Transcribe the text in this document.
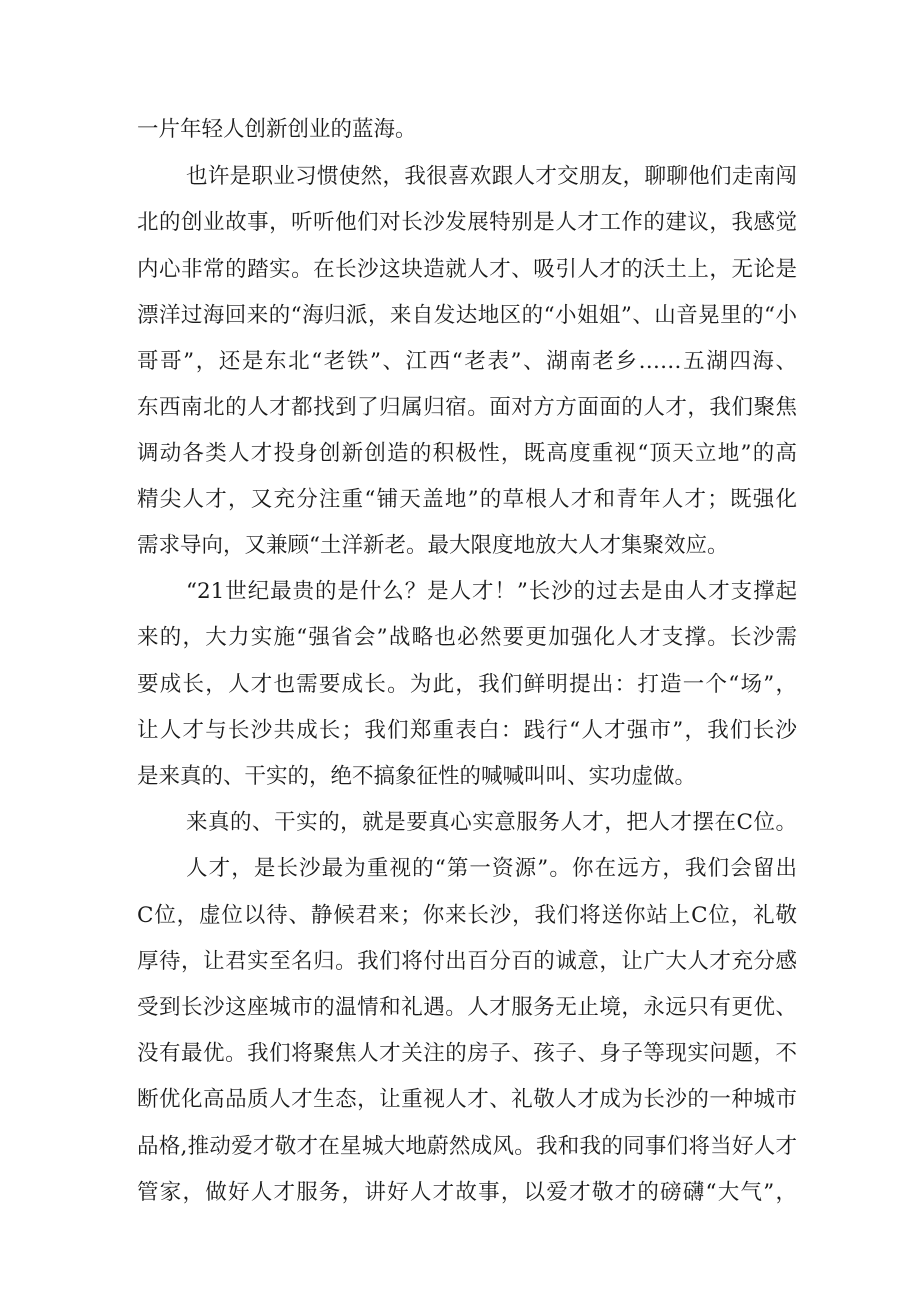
一片年轻人创新创业的蓝海。
也许是职业习惯使然，我很喜欢跟人才交朋友，聊聊他们走南闯
北的创业故事，听听他们对长沙发展特别是人才工作的建议，我感觉
内心非常的踏实。在长沙这块造就人才、吸引人才的沃土上，无论是
漂洋过海回来的“海归派，来自发达地区的“小姐姐”、山音晃里的“小
哥哥”，还是东北“老铁”、江西“老表”、湖南老乡……五湖四海、
东西南北的人才都找到了归属归宿。面对方方面面的人才，我们聚焦
调动各类人才投身创新创造的积极性，既高度重视“顶天立地”的高
精尖人才，又充分注重“铺天盖地”的草根人才和青年人才；既强化
需求导向，又兼顾“土洋新老。最大限度地放大人才集聚效应。
“21世纪最贵的是什么？是人才！”长沙的过去是由人才支撑起
来的，大力实施“强省会”战略也必然要更加强化人才支撑。长沙需
要成长，人才也需要成长。为此，我们鲜明提出：打造一个“场”，
让人才与长沙共成长；我们郑重表白：践行“人才强市”，我们长沙
是来真的、干实的，绝不搞象征性的喊喊叫叫、实功虚做。
来真的、干实的，就是要真心实意服务人才，把人才摆在C位。
人才，是长沙最为重视的“第一资源”。你在远方，我们会留出
C位，虚位以待、静候君来；你来长沙，我们将送你站上C位，礼敬
厚待，让君实至名归。我们将付出百分百的诚意，让广大人才充分感
受到长沙这座城市的温情和礼遇。人才服务无止境，永远只有更优、
没有最优。我们将聚焦人才关注的房子、孩子、身子等现实问题，不
断优化高品质人才生态，让重视人才、礼敬人才成为长沙的一种城市
品格,推动爱才敬才在星城大地蔚然成风。我和我的同事们将当好人才
管家，做好人才服务，讲好人才故事，以爱才敬才的磅礴“大气”，
